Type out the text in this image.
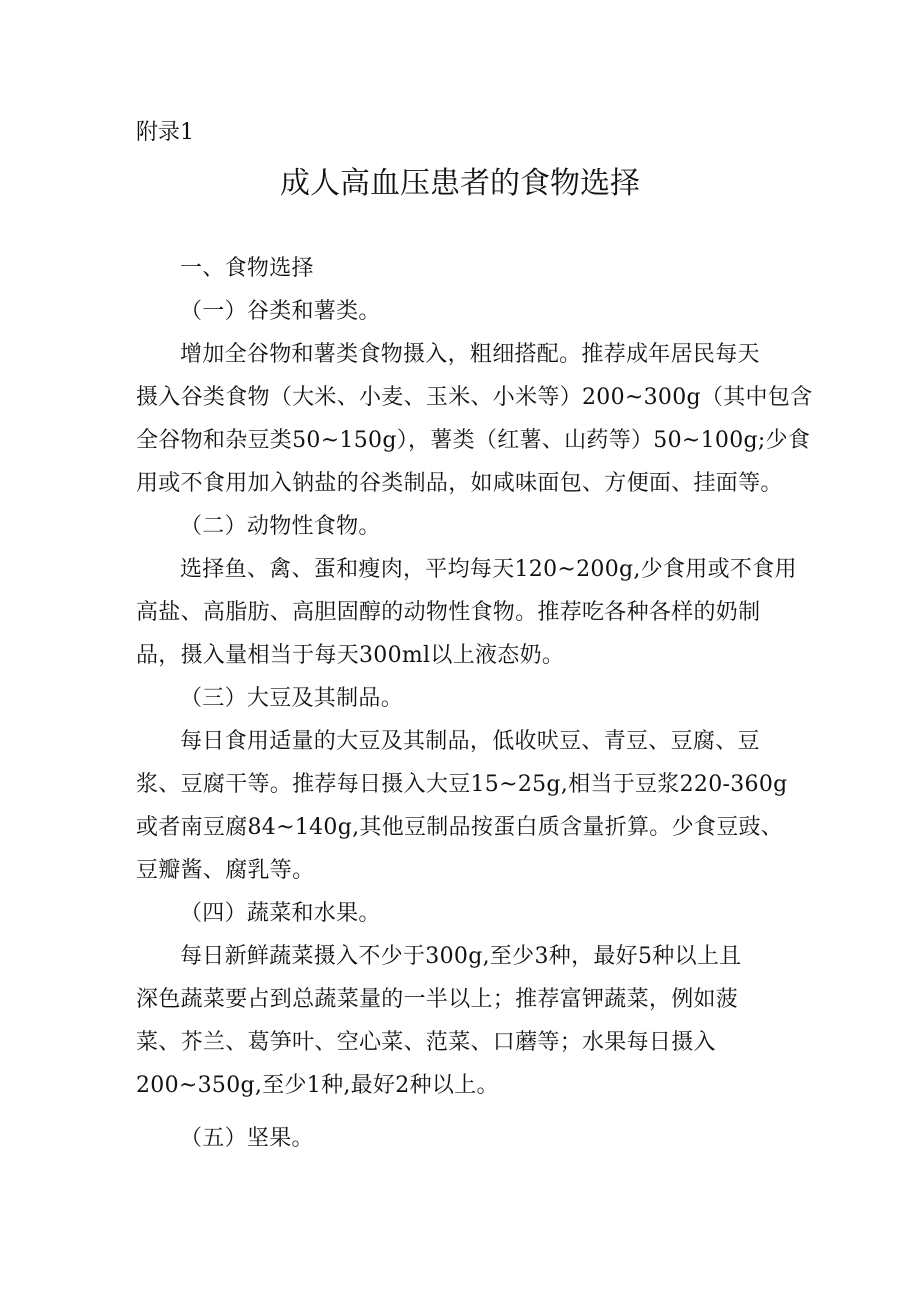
附录1
成人高血压患者的食物选择
一、食物选择
（一）谷类和薯类。
增加全谷物和薯类食物摄入，粗细搭配。推荐成年居民每天
摄入谷类食物（大米、小麦、玉米、小米等）200~300g（其中包含
全谷物和杂豆类50~150g），薯类（红薯、山药等）50~100g;少食
用或不食用加入钠盐的谷类制品，如咸味面包、方便面、挂面等。
（二）动物性食物。
选择鱼、禽、蛋和瘦肉，平均每天120~200g,少食用或不食用
高盐、高脂肪、高胆固醇的动物性食物。推荐吃各种各样的奶制
品，摄入量相当于每天300ml以上液态奶。
（三）大豆及其制品。
每日食用适量的大豆及其制品，低收吠豆、青豆、豆腐、豆
浆、豆腐干等。推荐每日摄入大豆15~25g,相当于豆浆220-360g
或者南豆腐84~140g,其他豆制品按蛋白质含量折算。少食豆豉、
豆瓣酱、腐乳等。
（四）蔬菜和水果。
每日新鲜蔬菜摄入不少于300g,至少3种，最好5种以上且
深色蔬菜要占到总蔬菜量的一半以上；推荐富钾蔬菜，例如菠
菜、芥兰、葛笋叶、空心菜、范菜、口蘑等；水果每日摄入
200~350g,至少1种,最好2种以上。
（五）坚果。
